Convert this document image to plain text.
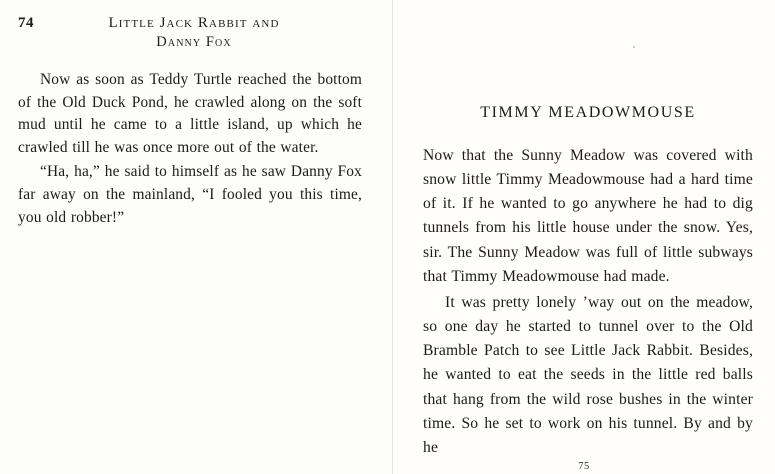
74	Little Jack Rabbit and
Danny Fox

Now as soon as Teddy Turtle reached the bottom of the Old Duck Pond, he crawled along on the soft mud until he came to a little island, up which he crawled till he was once more out of the water.

“Ha, ha,” he said to himself as he saw Danny Fox far away on the mainland, “I fooled you this time, you old robber!”

TIMMY MEADOWMOUSE

Now that the Sunny Meadow was covered with snow little Timmy Meadowmouse had a hard time of it. If he wanted to go anywhere he had to dig tunnels from his little house under the snow. Yes, sir. The Sunny Meadow was full of little subways that Timmy Meadowmouse had made.

It was pretty lonely ’way out on the meadow, so one day he started to tunnel over to the Old Bramble Patch to see Little Jack Rabbit. Besides, he wanted to eat the seeds in the little red balls that hang from the wild rose bushes in the winter time. So he set to work on his tunnel. By and by he

75
